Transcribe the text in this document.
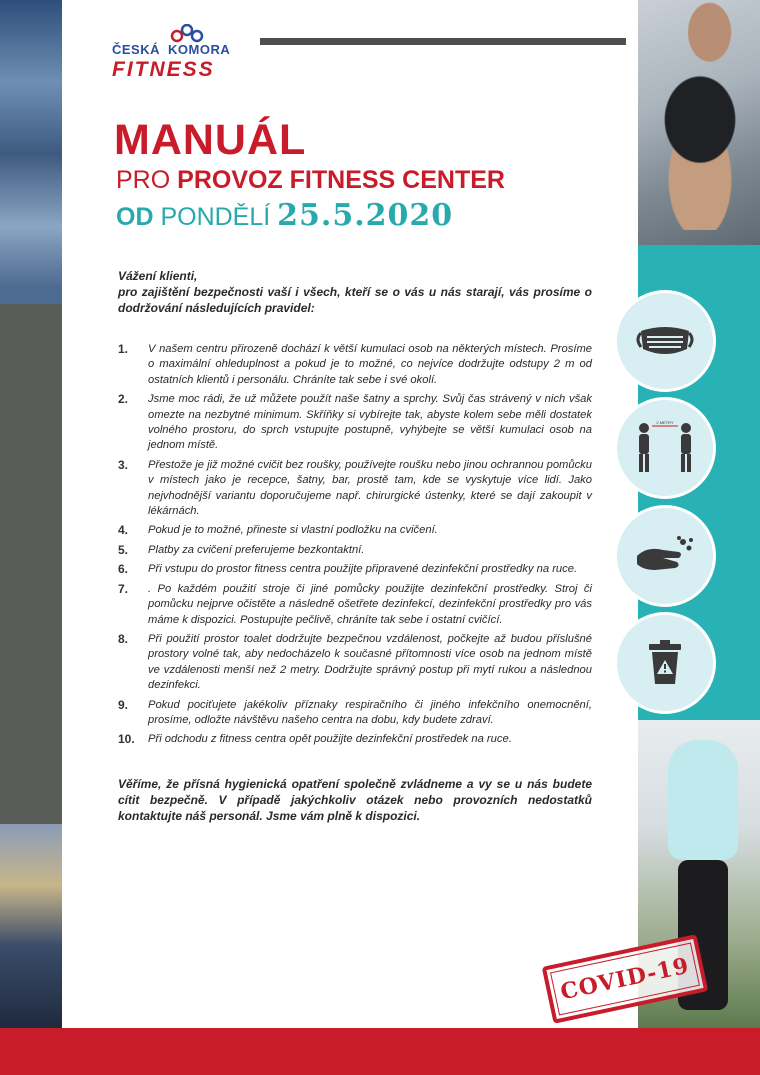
2 METRY
ČESKÁ KOMORA
FITNESS
MANUÁL
PRO PROVOZ FITNESS CENTER
OD PONDĚLÍ 25.5.2020
Vážení klienti,
pro zajištění bezpečnosti vaší i všech, kteří se o vás u nás starají, vás prosíme o dodržování následujících pravidel:
1. V našem centru přirozeně dochází k větší kumulaci osob na některých místech. Prosíme o maximální ohleduplnost a pokud je to možné, co nejvíce dodržujte odstupy 2 m od ostatních klientů i personálu. Chráníte tak sebe i své okolí.
2. Jsme moc rádi, že už můžete použít naše šatny a sprchy. Svůj čas strávený v nich však omezte na nezbytné minimum. Skříňky si vybírejte tak, abyste kolem sebe měli dostatek volného prostoru, do sprch vstupujte postupně, vyhýbejte se větší kumulaci osob na jednom místě.
3. Přestože je již možné cvičit bez roušky, používejte roušku nebo jinou ochrannou pomůcku v místech jako je recepce, šatny, bar, prostě tam, kde se vyskytuje více lidí. Jako nejvhodnější variantu doporučujeme např. chirurgické ústenky, které se dají zakoupit v lékárnách.
4. Pokud je to možné, přineste si vlastní podložku na cvičení.
5. Platby za cvičení preferujeme bezkontaktní.
6. Při vstupu do prostor fitness centra použijte připravené dezinfekční prostředky na ruce.
7. . Po každém použití stroje či jiné pomůcky použijte dezinfekční prostředky. Stroj či pomůcku nejprve očistěte a následně ošetřete dezinfekcí, dezinfekční prostředky pro vás máme k dispozici. Postupujte pečlivě, chráníte tak sebe i ostatní cvičící.
8. Při použití prostor toalet dodržujte bezpečnou vzdálenost, počkejte až budou příslušné prostory volné tak, aby nedocházelo k současné přítomnosti více osob na jednom místě ve vzdálenosti menší než 2 metry. Dodržujte správný postup při mytí rukou a následnou dezinfekci.
9. Pokud pociťujete jakékoliv příznaky respiračního či jiného infekčního onemocnění, prosíme, odložte návštěvu našeho centra na dobu, kdy budete zdraví.
10. Při odchodu z fitness centra opět použijte dezinfekční prostředek na ruce.
Věříme, že přísná hygienická opatření společně zvládneme a vy se u nás budete cítit bezpečně. V případě jakýchkoliv otázek nebo provozních nedostatků kontaktujte náš personál. Jsme vám plně k dispozici.
COVID-19
